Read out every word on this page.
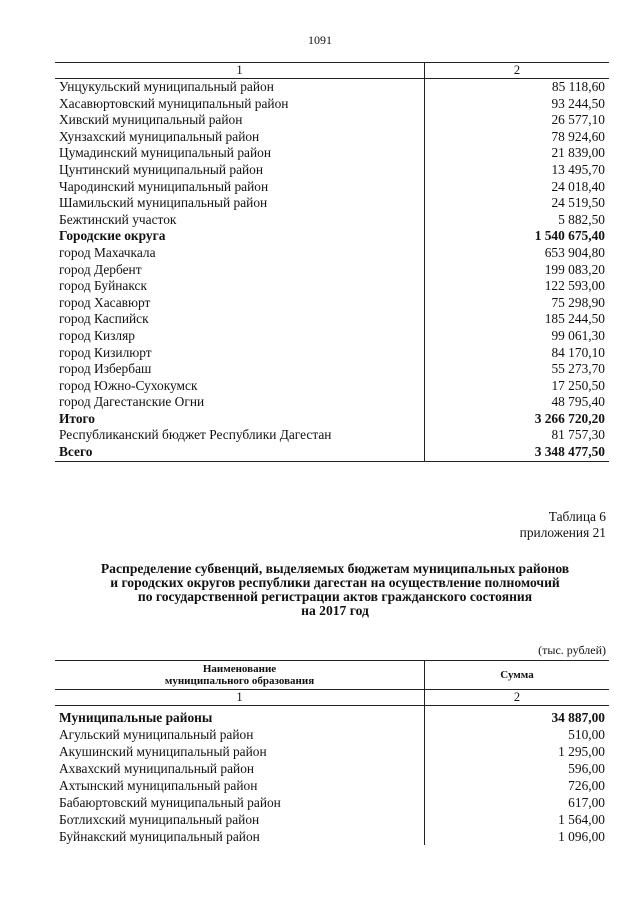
1091
1	2
Унцукульский муниципальный район	85 118,60
Хасавюртовский муниципальный район	93 244,50
Хивский муниципальный район	26 577,10
Хунзахский муниципальный район	78 924,60
Цумадинский муниципальный район	21 839,00
Цунтинский муниципальный район	13 495,70
Чародинский муниципальный район	24 018,40
Шамильский муниципальный район	24 519,50
Бежтинский участок	5 882,50
Городские округа	1 540 675,40
город Махачкала	653 904,80
город Дербент	199 083,20
город Буйнакск	122 593,00
город Хасавюрт	75 298,90
город Каспийск	185 244,50
город Кизляр	99 061,30
город Кизилюрт	84 170,10
город Избербаш	55 273,70
город Южно-Сухокумск	17 250,50
город Дагестанские Огни	48 795,40
Итого	3 266 720,20
Республиканский бюджет Республики Дагестан	81 757,30
Всего	3 348 477,50
Таблица 6
приложения 21
Распределение субвенций, выделяемых бюджетам муниципальных районов
и городских округов республики дагестан на осуществление полномочий
по государственной регистрации актов гражданского состояния
на 2017 год
(тыс. рублей)
Наименование
муниципального образования	Сумма
1	2
Муниципальные районы	34 887,00
Агульский муниципальный район	510,00
Акушинский муниципальный район	1 295,00
Ахвахский муниципальный район	596,00
Ахтынский муниципальный район	726,00
Бабаюртовский муниципальный район	617,00
Ботлихский муниципальный район	1 564,00
Буйнакский муниципальный район	1 096,00
